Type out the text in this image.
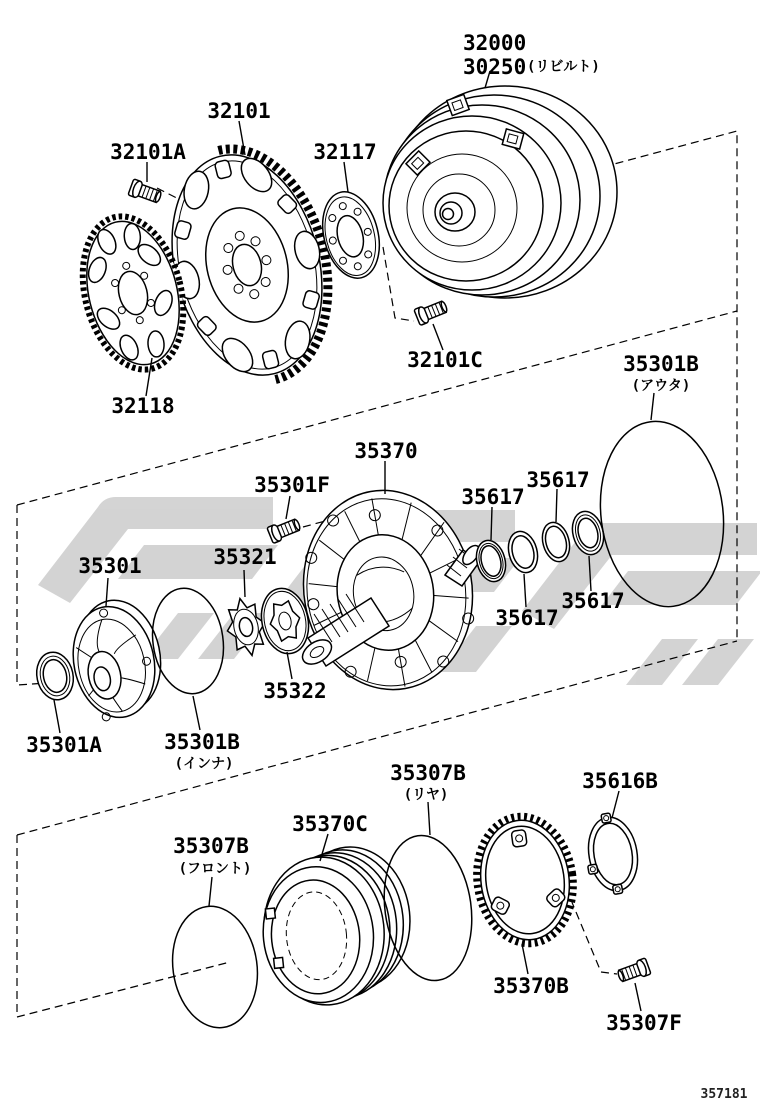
32000
30250 (リビルト)
32101
32101A	32117
32118
32101C	35301B
(アウタ)
35370
35301F	35617
35617
35617
35617
35301	35321
35322
35301A	35301B
(インナ)	35307B
(リヤ)
35616B
35370C
35307B
(フロント)
35370B
35307F
357181
